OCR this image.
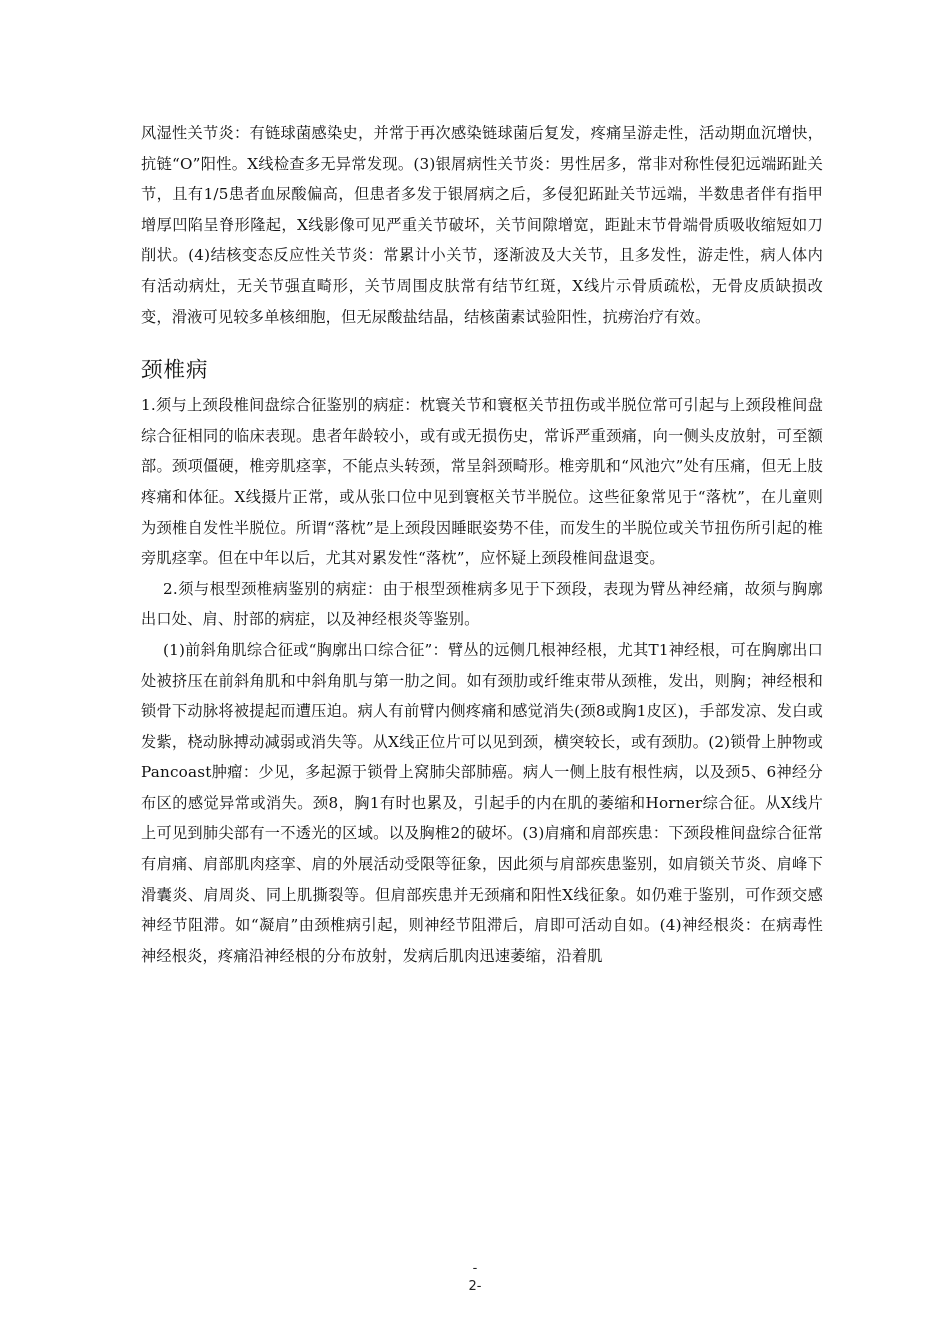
风湿性关节炎：有链球菌感染史，并常于再次感染链球菌后复发，疼痛呈游走性，活动期血沉增快，抗链“O”阳性。X线检查多无异常发现。(3)银屑病性关节炎：男性居多，常非对称性侵犯远端跖趾关节，且有1/5患者血尿酸偏高，但患者多发于银屑病之后，多侵犯跖趾关节远端，半数患者伴有指甲增厚凹陷呈脊形隆起，X线影像可见严重关节破坏，关节间隙增宽，距趾末节骨端骨质吸收缩短如刀削状。(4)结核变态反应性关节炎：常累计小关节，逐渐波及大关节，且多发性，游走性，病人体内有活动病灶，无关节强直畸形，关节周围皮肤常有结节红斑，X线片示骨质疏松，无骨皮质缺损改变，滑液可见较多单核细胞，但无尿酸盐结晶，结核菌素试验阳性，抗痨治疗有效。

颈椎病

1.须与上颈段椎间盘综合征鉴别的病症：枕寰关节和寰枢关节扭伤或半脱位常可引起与上颈段椎间盘综合征相同的临床表现。患者年龄较小，或有或无损伤史，常诉严重颈痛，向一侧头皮放射，可至额部。颈项僵硬，椎旁肌痉挛，不能点头转颈，常呈斜颈畸形。椎旁肌和“风池穴”处有压痛，但无上肢疼痛和体征。X线摄片正常，或从张口位中见到寰枢关节半脱位。这些征象常见于“落枕”，在儿童则为颈椎自发性半脱位。所谓“落枕”是上颈段因睡眠姿势不佳，而发生的半脱位或关节扭伤所引起的椎旁肌痉挛。但在中年以后，尤其对累发性“落枕”，应怀疑上颈段椎间盘退变。

2.须与根型颈椎病鉴别的病症：由于根型颈椎病多见于下颈段，表现为臂丛神经痛，故须与胸廓出口处、肩、肘部的病症，以及神经根炎等鉴别。

(1)前斜角肌综合征或“胸廓出口综合征”：臂丛的远侧几根神经根，尤其T1神经根，可在胸廓出口处被挤压在前斜角肌和中斜角肌与第一肋之间。如有颈肋或纤维束带从颈椎，发出，则胸；神经根和锁骨下动脉将被提起而遭压迫。病人有前臂内侧疼痛和感觉消失(颈8或胸1皮区)，手部发凉、发白或发紫，桡动脉搏动减弱或消失等。从X线正位片可以见到颈，横突较长，或有颈肋。(2)锁骨上肿物或Pancoast肿瘤：少见，多起源于锁骨上窝肺尖部肺癌。病人一侧上肢有根性病，以及颈5、6神经分布区的感觉异常或消失。颈8，胸1有时也累及，引起手的内在肌的萎缩和Horner综合征。从X线片上可见到肺尖部有一不透光的区域。以及胸椎2的破坏。(3)肩痛和肩部疾患：下颈段椎间盘综合征常有肩痛、肩部肌肉痉挛、肩的外展活动受限等征象，因此须与肩部疾患鉴别，如肩锁关节炎、肩峰下滑囊炎、肩周炎、同上肌撕裂等。但肩部疾患并无颈痛和阳性X线征象。如仍难于鉴别，可作颈交感神经节阻滞。如“凝肩”由颈椎病引起，则神经节阻滞后，肩即可活动自如。(4)神经根炎：在病毒性神经根炎，疼痛沿神经根的分布放射，发病后肌肉迅速萎缩，沿着肌

-
2-
